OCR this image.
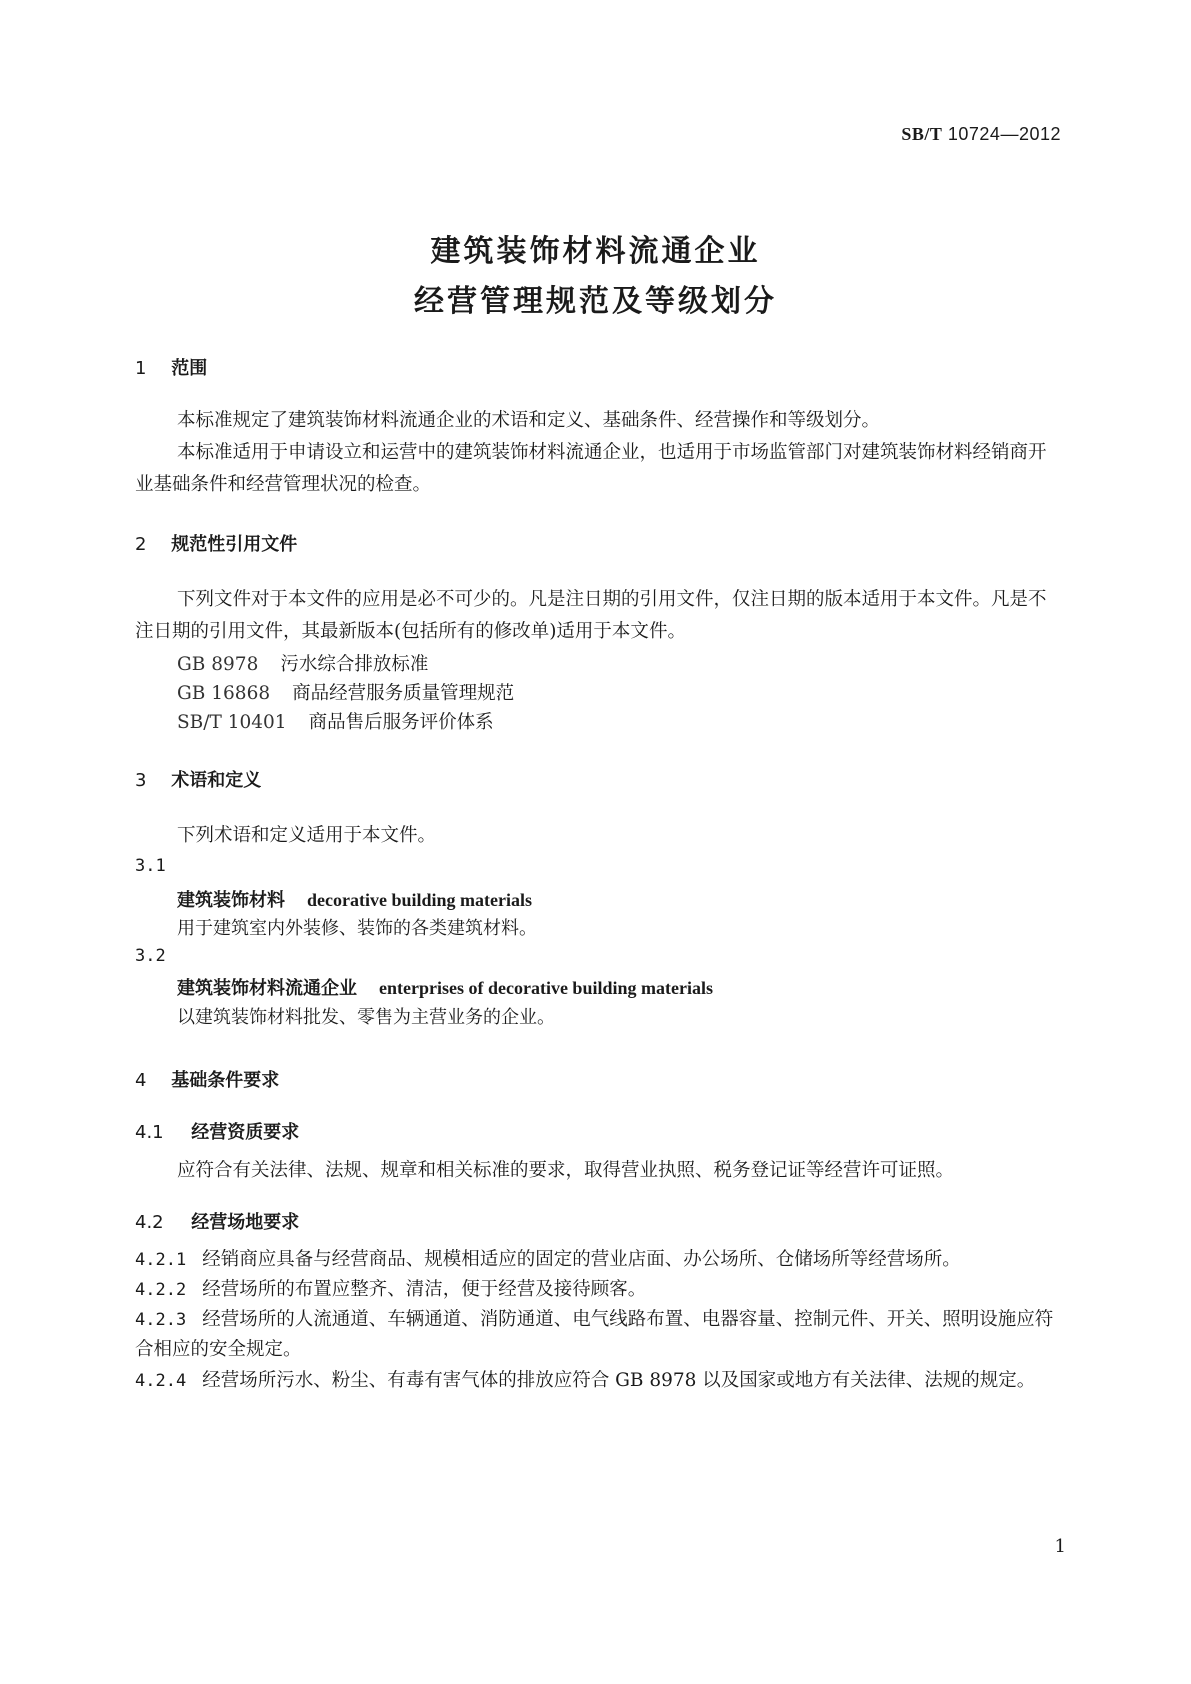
SB/T 10724—2012
建筑装饰材料流通企业
经营管理规范及等级划分
1 范围
本标准规定了建筑装饰材料流通企业的术语和定义、基础条件、经营操作和等级划分。
本标准适用于申请设立和运营中的建筑装饰材料流通企业，也适用于市场监管部门对建筑装饰材料经销商开业基础条件和经营管理状况的检查。
2 规范性引用文件
下列文件对于本文件的应用是必不可少的。凡是注日期的引用文件，仅注日期的版本适用于本文件。凡是不注日期的引用文件，其最新版本(包括所有的修改单)适用于本文件。
GB 8978 污水综合排放标准
GB 16868 商品经营服务质量管理规范
SB/T 10401 商品售后服务评价体系
3 术语和定义
下列术语和定义适用于本文件。
3.1
建筑装饰材料 decorative building materials
用于建筑室内外装修、装饰的各类建筑材料。
3.2
建筑装饰材料流通企业 enterprises of decorative building materials
以建筑装饰材料批发、零售为主营业务的企业。
4 基础条件要求
4.1 经营资质要求
应符合有关法律、法规、规章和相关标准的要求，取得营业执照、税务登记证等经营许可证照。
4.2 经营场地要求
4.2.1 经销商应具备与经营商品、规模相适应的固定的营业店面、办公场所、仓储场所等经营场所。
4.2.2 经营场所的布置应整齐、清洁，便于经营及接待顾客。
4.2.3 经营场所的人流通道、车辆通道、消防通道、电气线路布置、电器容量、控制元件、开关、照明设施应符合相应的安全规定。
4.2.4 经营场所污水、粉尘、有毒有害气体的排放应符合 GB 8978 以及国家或地方有关法律、法规的规定。
1
